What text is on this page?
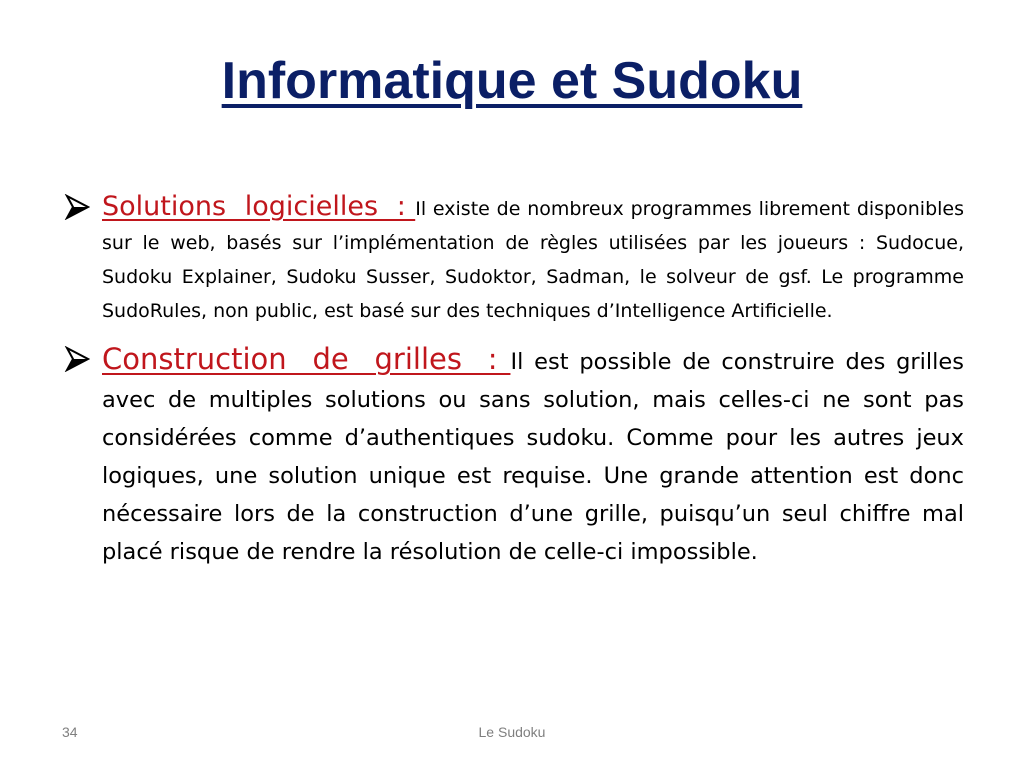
Informatique et Sudoku

Solutions  logicielles  : Il existe de nombreux programmes librement disponibles sur le web, basés sur l’implémentation de règles utilisées par les joueurs : Sudocue, Sudoku Explainer, Sudoku Susser, Sudoktor, Sadman, le solveur de gsf. Le programme SudoRules, non public, est basé sur des techniques d’Intelligence Artificielle.

Construction  de  grilles  : Il est possible de construire des grilles avec de multiples solutions ou sans solution, mais celles-ci ne sont pas considérées comme d’authentiques sudoku. Comme pour les autres jeux logiques, une solution unique est requise. Une grande attention est donc nécessaire lors de la construction d’une grille, puisqu’un seul chiffre mal placé risque de rendre la résolution de celle-ci impossible.

34	Le Sudoku
